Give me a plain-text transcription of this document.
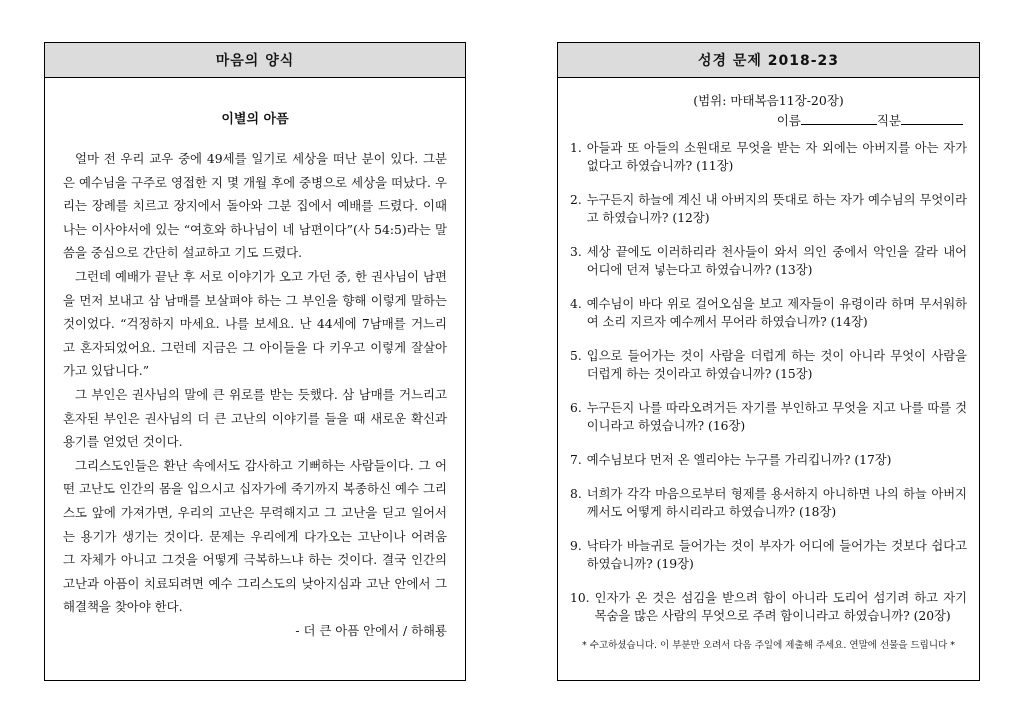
마음의 양식
이별의 아픔

얼마 전 우리 교우 중에 49세를 일기로 세상을 떠난 분이 있다. 그분은 예수님을 구주로 영접한 지 몇 개월 후에 중병으로 세상을 떠났다. 우리는 장례를 치르고 장지에서 돌아와 그분 집에서 예배를 드렸다. 이때 나는 이사야서에 있는 “여호와 하나님이 네 남편이다”(사 54:5)라는 말씀을 중심으로 간단히 설교하고 기도 드렸다.

그런데 예배가 끝난 후 서로 이야기가 오고 가던 중, 한 권사님이 남편을 먼저 보내고 삼 남매를 보살펴야 하는 그 부인을 향해 이렇게 말하는 것이었다. “걱정하지 마세요. 나를 보세요. 난 44세에 7남매를 거느리고 혼자되었어요. 그런데 지금은 그 아이들을 다 키우고 이렇게 잘살아가고 있답니다.”

그 부인은 권사님의 말에 큰 위로를 받는 듯했다. 삼 남매를 거느리고 혼자된 부인은 권사님의 더 큰 고난의 이야기를 들을 때 새로운 확신과 용기를 얻었던 것이다.

그리스도인들은 환난 속에서도 감사하고 기뻐하는 사람들이다. 그 어떤 고난도 인간의 몸을 입으시고 십자가에 죽기까지 복종하신 예수 그리스도 앞에 가져가면, 우리의 고난은 무력해지고 그 고난을 딛고 일어서는 용기가 생기는 것이다. 문제는 우리에게 다가오는 고난이나 어려움 그 자체가 아니고 그것을 어떻게 극복하느냐 하는 것이다. 결국 인간의 고난과 아픔이 치료되려면 예수 그리스도의 낮아지심과 고난 안에서 그 해결책을 찾아야 한다.

- 더 큰 아픔 안에서 / 하해룡
성경 문제 2018-23
(범위: 마태복음11장-20장)
이름	직분
1. 아들과 또 아들의 소원대로 무엇을 받는 자 외에는 아버지를 아는 자가 없다고 하였습니까? (11장)
2. 누구든지 하늘에 계신 내 아버지의 뜻대로 하는 자가 예수님의 무엇이라고 하였습니까? (12장)
3. 세상 끝에도 이러하리라 천사들이 와서 의인 중에서 악인을 갈라 내어 어디에 던져 넣는다고 하였습니까? (13장)
4. 예수님이 바다 위로 걸어오심을 보고 제자들이 유령이라 하며 무서워하여 소리 지르자 예수께서 무어라 하였습니까? (14장)
5. 입으로 들어가는 것이 사람을 더럽게 하는 것이 아니라 무엇이 사람을 더럽게 하는 것이라고 하였습니까? (15장)
6. 누구든지 나를 따라오려거든 자기를 부인하고 무엇을 지고 나를 따를 것이니라고 하였습니까? (16장)
7. 예수님보다 먼저 온 엘리야는 누구를 가리킵니까? (17장)
8. 너희가 각각 마음으로부터 형제를 용서하지 아니하면 나의 하늘 아버지께서도 어떻게 하시리라고 하였습니까? (18장)
9. 낙타가 바늘귀로 들어가는 것이 부자가 어디에 들어가는 것보다 쉽다고 하였습니까? (19장)
10. 인자가 온 것은 섬김을 받으려 함이 아니라 도리어 섬기려 하고 자기 목숨을 많은 사람의 무엇으로 주려 함이니라고 하였습니까? (20장)
* 수고하셨습니다. 이 부분만 오려서 다음 주일에 제출해 주세요. 연말에 선물을 드립니다 *
